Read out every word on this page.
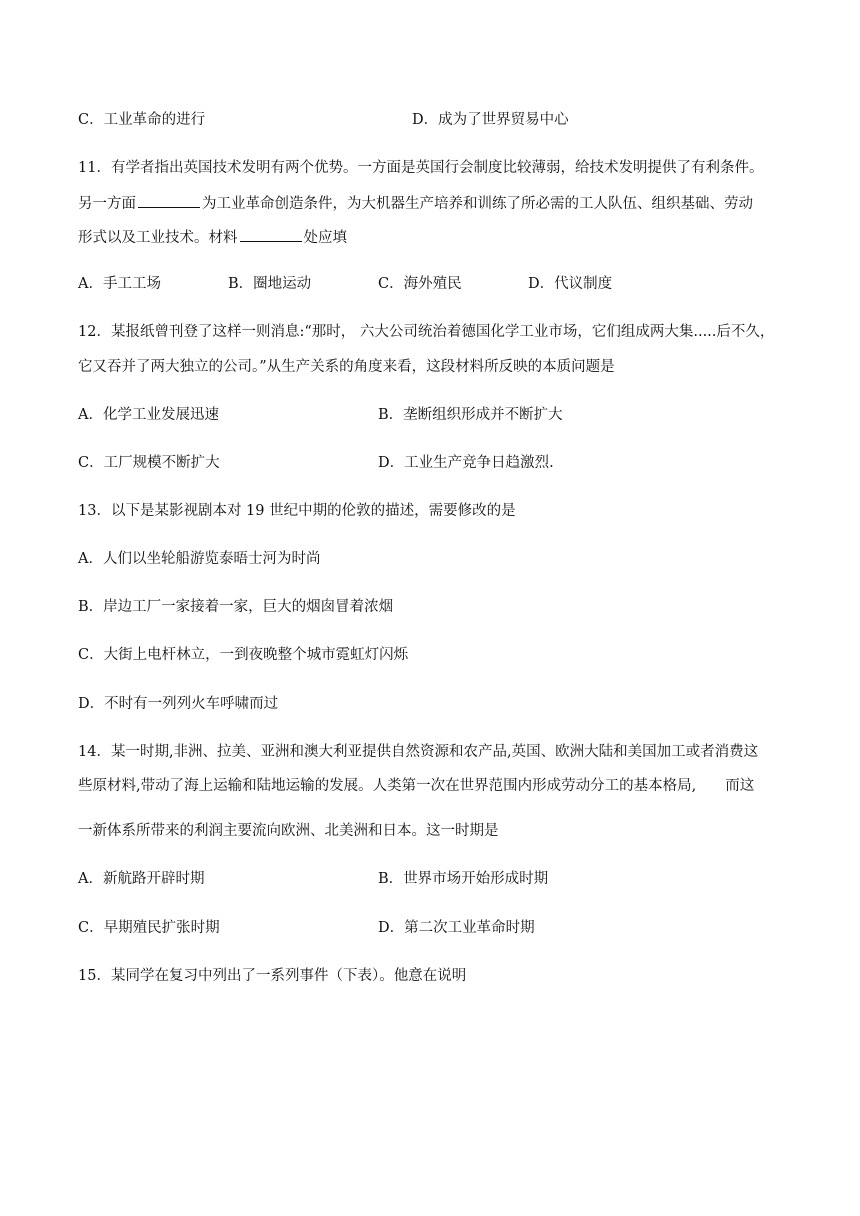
C．工业革命的进行	D．成为了世界贸易中心
11．有学者指出英国技术发明有两个优势。一方面是英国行会制度比较薄弱，给技术发明提供了有利条件。
另一方面	为工业革命创造条件，为大机器生产培养和训练了所必需的工人队伍、组织基础、劳动
形式以及工业技术。材料	处应填
A．手工工场	B．圈地运动	C．海外殖民	D．代议制度
12．某报纸曾刊登了这样一则消息:“那时， 六大公司统治着德国化学工业市场，它们组成两大集.....后不久，
它又吞并了两大独立的公司。”从生产关系的角度来看，这段材料所反映的本质问题是
A．化学工业发展迅速	B．垄断组织形成并不断扩大
C．工厂规模不断扩大	D．工业生产竞争日趋激烈.
13．以下是某影视剧本对 19 世纪中期的伦敦的描述，需要修改的是
A．人们以坐轮船游览泰晤士河为时尚
B．岸边工厂一家接着一家，巨大的烟囱冒着浓烟
C．大街上电杆林立，一到夜晚整个城市霓虹灯闪烁
D．不时有一列列火车呼啸而过
14．某一时期,非洲、拉美、亚洲和澳大利亚提供自然资源和农产品,英国、欧洲大陆和美国加工或者消费这
些原材料,带动了海上运输和陆地运输的发展。人类第一次在世界范围内形成劳动分工的基本格局,　　而这
一新体系所带来的利润主要流向欧洲、北美洲和日本。这一时期是
A．新航路开辟时期	B．世界市场开始形成时期
C．早期殖民扩张时期	D．第二次工业革命时期
15．某同学在复习中列出了一系列事件（下表）。他意在说明
